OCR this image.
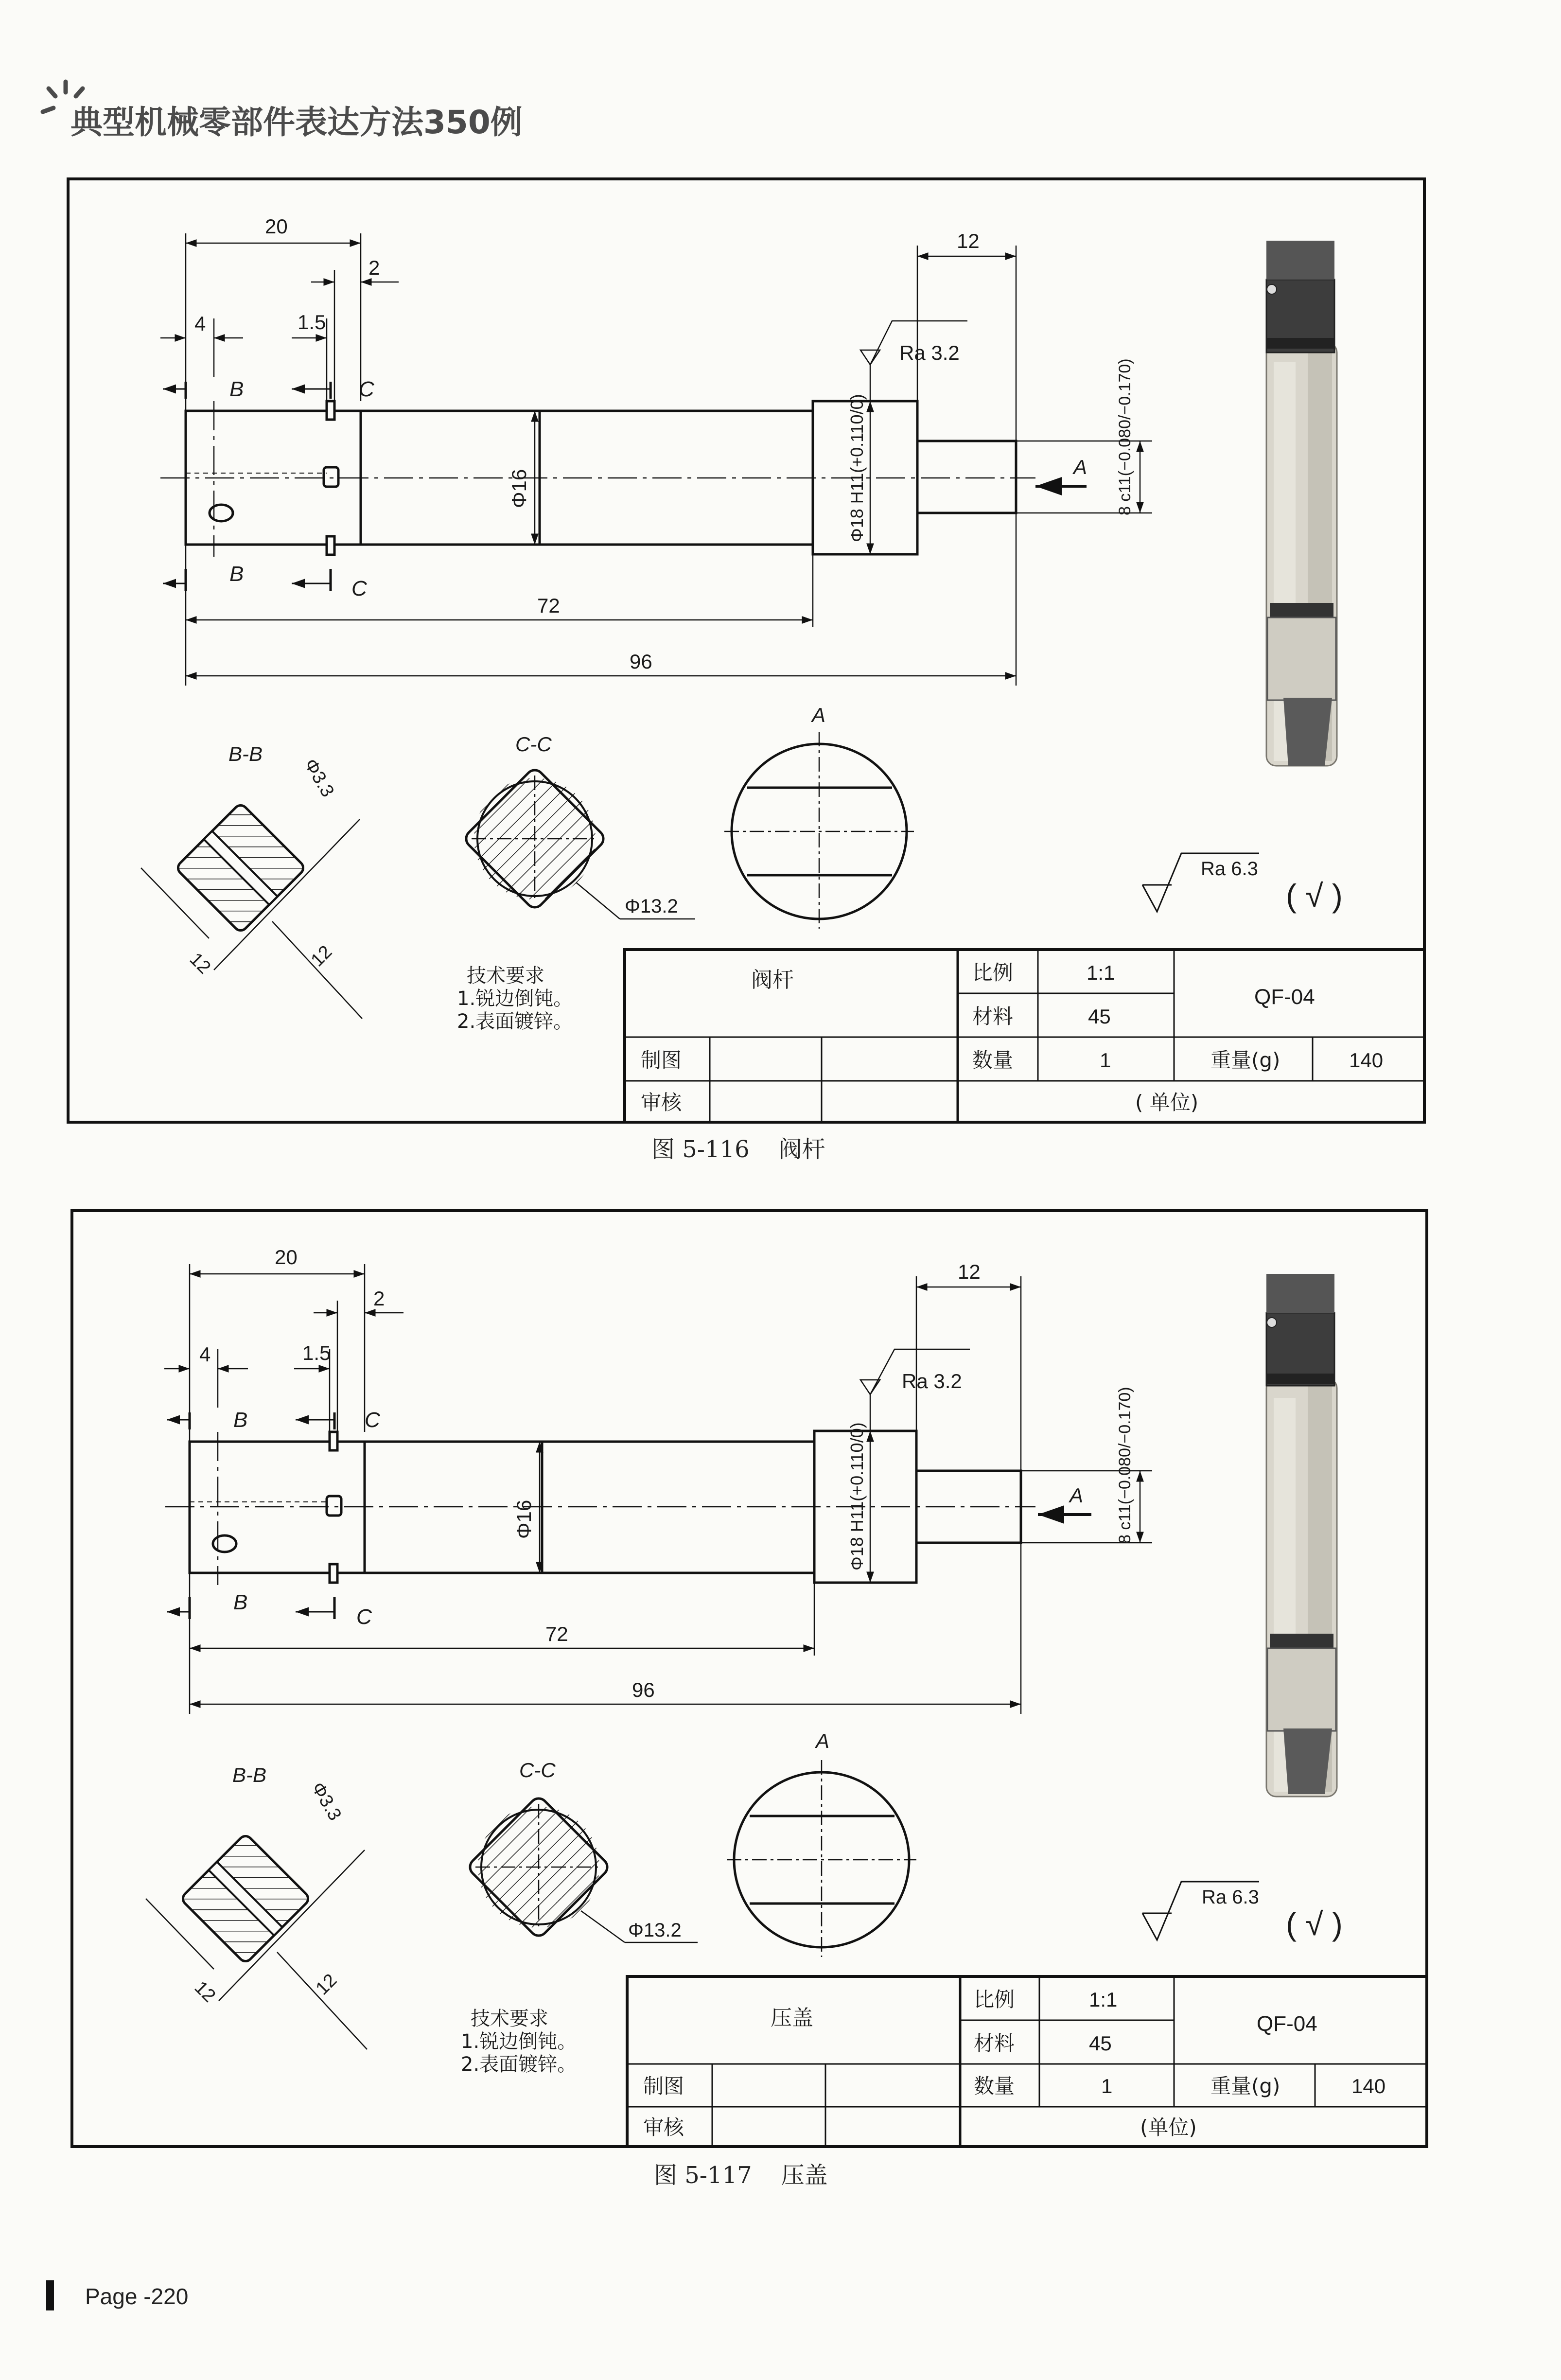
典型机械零部件表达方法350例
B
B
C
C
20
2
4	1.5
12
72
96
Ra 3.2
A
Φ16	Φ18 H11(+0.110/0)	8 c11(−0.080/−0.170)
B-B
Φ3.3
12	12
C-C
Φ13.2
A
Ra 6.3
( √ )
技术要求
1.锐边倒钝。
2.表面镀锌。
阀杆	比例	1:1
材料	45
QF-04
数量	1	重量(g)	140
制图
审核	( 单位)
图 5-116 阀杆
B
B
C
C
20
2
4	1.5
12
72
96
Ra 3.2
A
Φ16	Φ18 H11(+0.110/0)	8 c11(−0.080/−0.170)
B-B
Φ3.3
12	12
C-C
Φ13.2
A
Ra 6.3
( √ )
技术要求
1.锐边倒钝。
2.表面镀锌。
压盖
比例	1:1
材料	45
QF-04
数量	1	重量(g)	140
制图
审核	(单位)
图 5-117 压盖
Page -220
